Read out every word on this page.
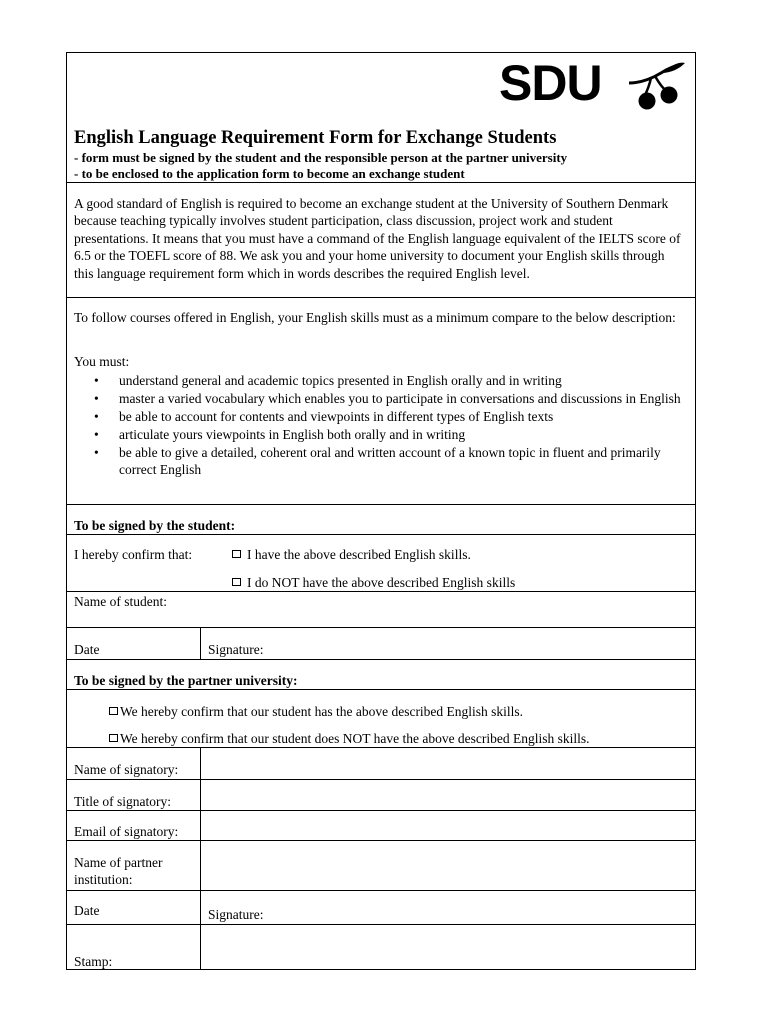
SDU
English Language Requirement Form for Exchange Students
- form must be signed by the student and the responsible person at the partner university
- to be enclosed to the application form to become an exchange student
A good standard of English is required to become an exchange student at the University of Southern Denmark because teaching typically involves student participation, class discussion, project work and student presentations. It means that you must have a command of the English language equivalent of the IELTS score of 6.5 or the TOEFL score of 88. We ask you and your home university to document your English skills through this language requirement form which in words describes the required English level.
To follow courses offered in English, your English skills must as a minimum compare to the below description:
You must:
• understand general and academic topics presented in English orally and in writing
• master a varied vocabulary which enables you to participate in conversations and discussions in English
• be able to account for contents and viewpoints in different types of English texts
• articulate yours viewpoints in English both orally and in writing
• be able to give a detailed, coherent oral and written account of a known topic in fluent and primarily correct English
To be signed by the student:
I hereby confirm that:	I have the above described English skills.
I do NOT have the above described English skills
Name of student:
Date	Signature:
To be signed by the partner university:
We hereby confirm that our student has the above described English skills.
We hereby confirm that our student does NOT have the above described English skills.
Name of signatory:
Title of signatory:
Email of signatory:
Name of partner
institution:
Date	Signature:
Stamp:
